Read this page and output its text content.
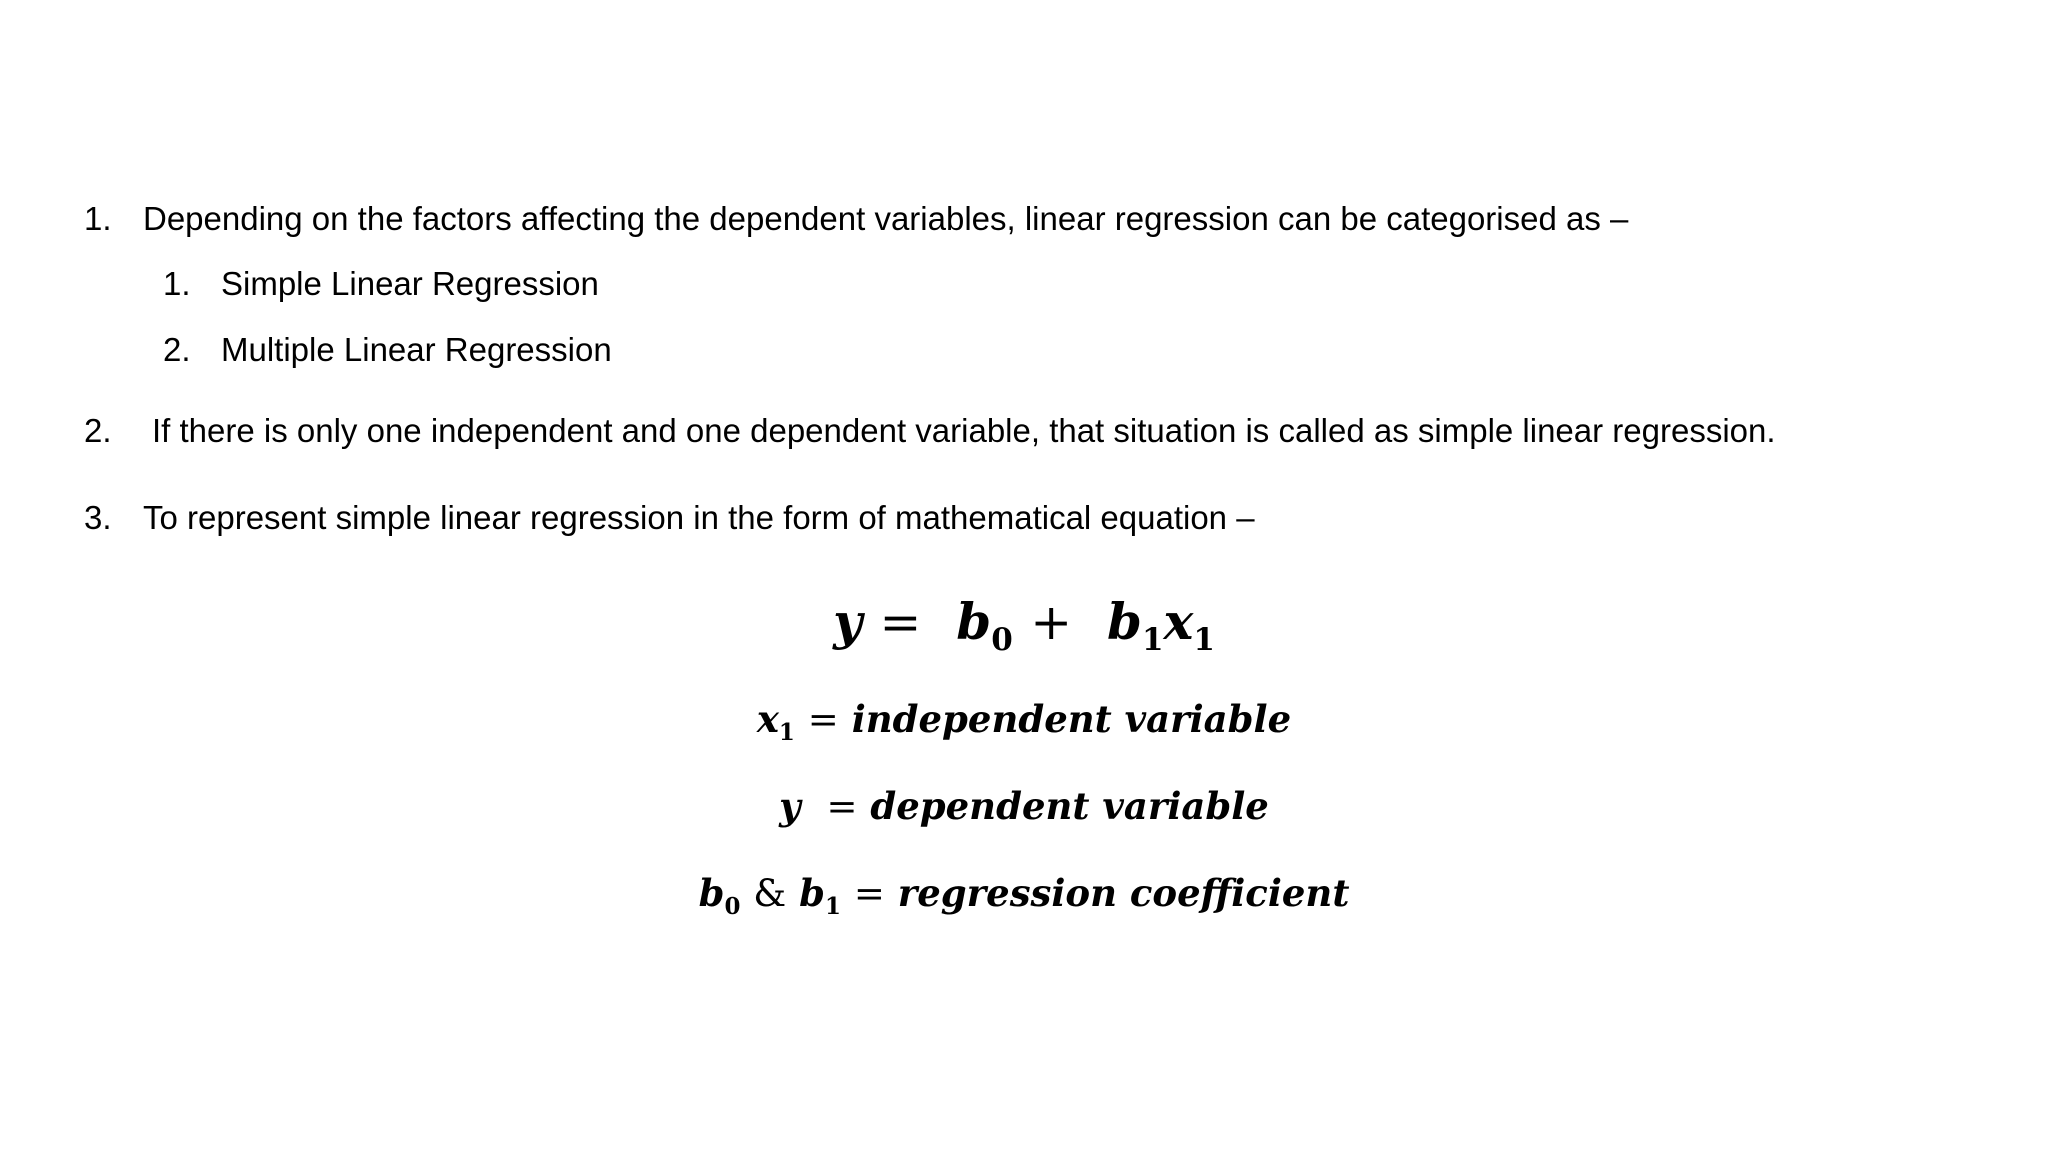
1. Depending on the factors affecting the dependent variables, linear regression can be categorised as –
1. Simple Linear Regression
2. Multiple Linear Regression
2. If there is only one independent and one dependent variable, that situation is called as simple linear regression.
3. To represent simple linear regression in the form of mathematical equation –
$y = b_0 + b_1x_1$
$x_1$ = independent variable
y = dependent variable
$b_0$ & $b_1$ = regression coefficient
